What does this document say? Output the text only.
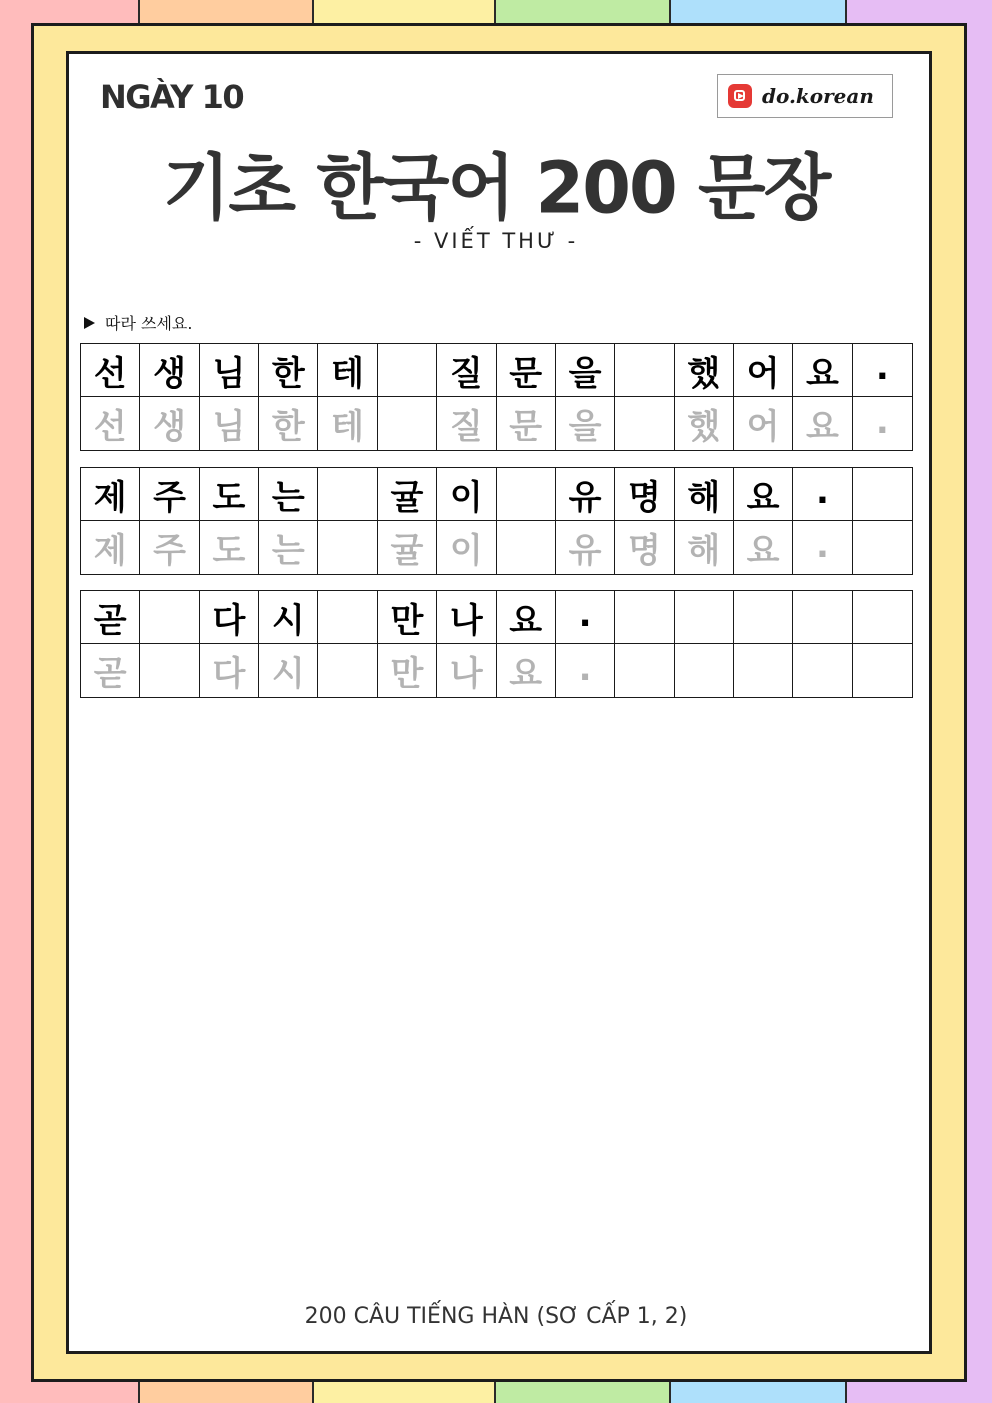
NGÀY 10	do.korean
기초 한국어 200 문장
- VIẾT THƯ -
따라 쓰세요.
선 생 님 한 테	질 문 을	했 어 요	.
선 생 님 한 테	질 문 을	했 어 요	.
제 주 도 는	귤 이	유 명 해 요	.
제 주 도 는	귤 이	유 명 해 요	.
곧	다 시	만 나 요	.
곧	다 시	만 나 요	.
200 CÂU TIẾNG HÀN (SƠ CẤP 1, 2)
